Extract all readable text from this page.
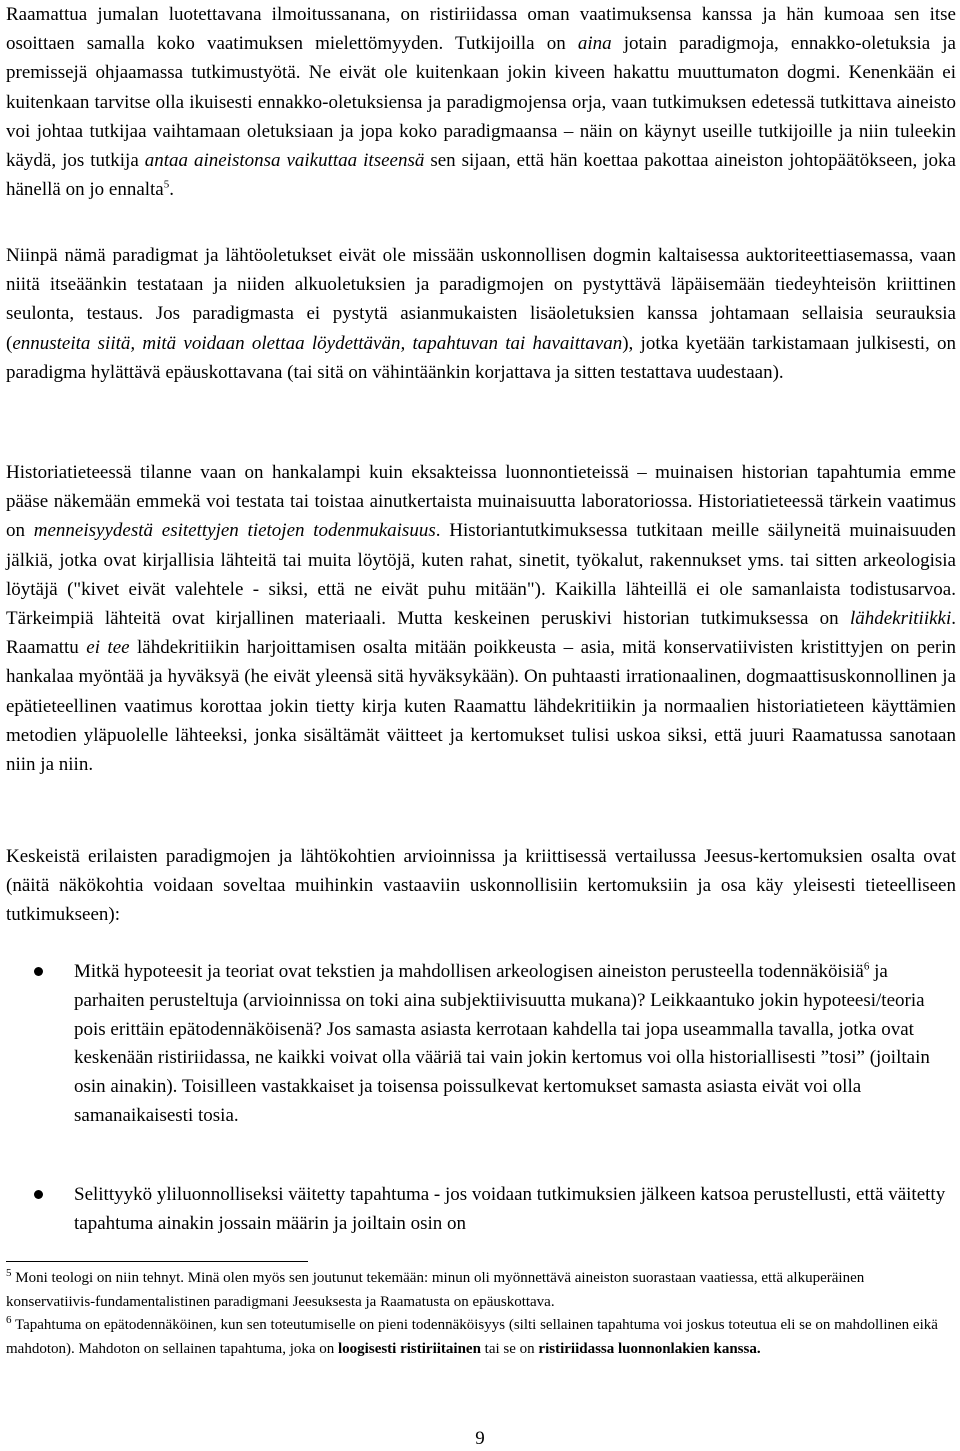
Raamattua jumalan luotettavana ilmoitussanana, on ristiriidassa oman vaatimuksensa kanssa ja hän kumoaa sen itse osoittaen samalla koko vaatimuksen mielettömyyden. Tutkijoilla on aina jotain paradigmoja, ennakko-oletuksia ja premissejä ohjaamassa tutkimustyötä. Ne eivät ole kuitenkaan jokin kiveen hakattu muuttumaton dogmi. Kenenkään ei kuitenkaan tarvitse olla ikuisesti ennakko-oletuksiensa ja paradigmojensa orja, vaan tutkimuksen edetessä tutkittava aineisto voi johtaa tutkijaa vaihtamaan oletuksiaan ja jopa koko paradigmaansa – näin on käynyt useille tutkijoille ja niin tuleekin käydä, jos tutkija antaa aineistonsa vaikuttaa itseensä sen sijaan, että hän koettaa pakottaa aineiston johtopäätökseen, joka hänellä on jo ennalta$^5$.

Niinpä nämä paradigmat ja lähtöoletukset eivät ole missään uskonnollisen dogmin kaltaisessa auktoriteettiasemassa, vaan niitä itseäänkin testataan ja niiden alkuoletuksien ja paradigmojen on pystyttävä läpäisemään tiedeyhteisön kriittinen seulonta, testaus. Jos paradigmasta ei pystytä asianmukaisten lisäoletuksien kanssa johtamaan sellaisia seurauksia (ennusteita siitä, mitä voidaan olettaa löydettävän, tapahtuvan tai havaittavan), jotka kyetään tarkistamaan julkisesti, on paradigma hylättävä epäuskottavana (tai sitä on vähintäänkin korjattava ja sitten testattava uudestaan).

Historiatieteessä tilanne vaan on hankalampi kuin eksakteissa luonnontieteissä – muinaisen historian tapahtumia emme pääse näkemään emmekä voi testata tai toistaa ainutkertaista muinaisuutta laboratoriossa. Historiatieteessä tärkein vaatimus on menneisyydestä esitettyjen tietojen todenmukaisuus. Historiantutkimuksessa tutkitaan meille säilyneitä muinaisuuden jälkiä, jotka ovat kirjallisia lähteitä tai muita löytöjä, kuten rahat, sinetit, työkalut, rakennukset yms. tai sitten arkeologisia löytäjä ("kivet eivät valehtele - siksi, että ne eivät puhu mitään"). Kaikilla lähteillä ei ole samanlaista todistusarvoa. Tärkeimpiä lähteitä ovat kirjallinen materiaali. Mutta keskeinen peruskivi historian tutkimuksessa on lähdekritiikki. Raamattu ei tee lähdekritiikin harjoittamisen osalta mitään poikkeusta – asia, mitä konservatiivisten kristittyjen on perin hankalaa myöntää ja hyväksyä (he eivät yleensä sitä hyväksykään). On puhtaasti irrationaalinen, dogmaattisuskonnollinen ja epätieteellinen vaatimus korottaa jokin tietty kirja kuten Raamattu lähdekritiikin ja normaalien historiatieteen käyttämien metodien yläpuolelle lähteeksi, jonka sisältämät väitteet ja kertomukset tulisi uskoa siksi, että juuri Raamatussa sanotaan niin ja niin.

Keskeistä erilaisten paradigmojen ja lähtökohtien arvioinnissa ja kriittisessä vertailussa Jeesus-kertomuksien osalta ovat (näitä näkökohtia voidaan soveltaa muihinkin vastaaviin uskonnollisiin kertomuksiin ja osa käy yleisesti tieteelliseen tutkimukseen):

Mitkä hypoteesit ja teoriat ovat tekstien ja mahdollisen arkeologisen aineiston perusteella todennäköisiä$^6$ ja parhaiten perusteltuja (arvioinnissa on toki aina subjektiivisuutta mukana)? Leikkaantuko jokin hypoteesi/teoria pois erittäin epätodennäköisenä? Jos samasta asiasta kerrotaan kahdella tai jopa useammalla tavalla, jotka ovat keskenään ristiriidassa, ne kaikki voivat olla vääriä tai vain jokin kertomus voi olla historiallisesti ”tosi” (joiltain osin ainakin). Toisilleen vastakkaiset ja toisensa poissulkevat kertomukset samasta asiasta eivät voi olla samanaikaisesti tosia.
Selittyykö yliluonnolliseksi väitetty tapahtuma - jos voidaan tutkimuksien jälkeen katsoa perustellusti, että väitetty tapahtuma ainakin jossain määrin ja joiltain osin on

$^5$ Moni teologi on niin tehnyt. Minä olen myös sen joutunut tekemään: minun oli myönnettävä aineiston suorastaan vaatiessa, että alkuperäinen konservatiivis-fundamentalistinen paradigmani Jeesuksesta ja Raamatusta on epäuskottava.

$^6$ Tapahtuma on epätodennäköinen, kun sen toteutumiselle on pieni todennäköisyys (silti sellainen tapahtuma voi joskus toteutua eli se on mahdollinen eikä mahdoton). Mahdoton on sellainen tapahtuma, joka on loogisesti ristiriitainen tai se on ristiriidassa luonnonlakien kanssa.

9
